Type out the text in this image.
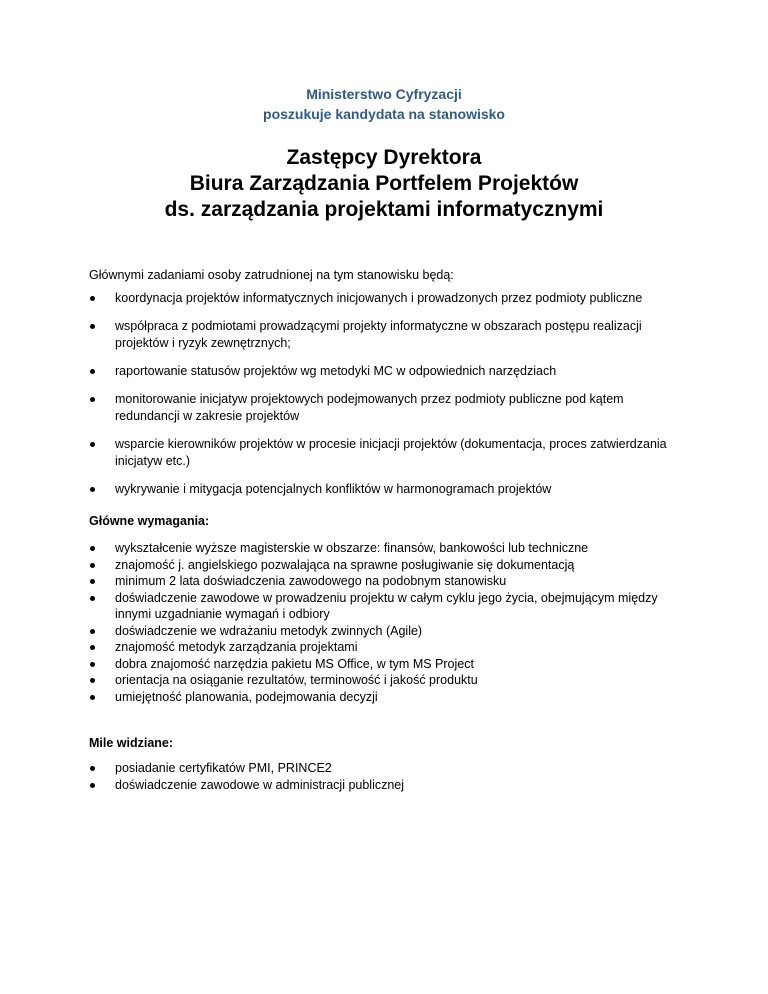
Ministerstwo Cyfryzacji
poszukuje kandydata na stanowisko
Zastępcy Dyrektora
Biura Zarządzania Portfelem Projektów
ds. zarządzania projektami informatycznymi
Głównymi zadaniami osoby zatrudnionej na tym stanowisku będą:
koordynacja projektów informatycznych inicjowanych i prowadzonych przez podmioty publiczne
współpraca z podmiotami prowadzącymi projekty informatyczne w obszarach postępu realizacji projektów i ryzyk zewnętrznych;
raportowanie statusów projektów wg metodyki MC w odpowiednich narzędziach
monitorowanie inicjatyw projektowych podejmowanych przez podmioty publiczne pod kątem redundancji w zakresie projektów
wsparcie kierowników projektów w procesie inicjacji projektów (dokumentacja, proces zatwierdzania inicjatyw etc.)
wykrywanie i mitygacja potencjalnych konfliktów w harmonogramach projektów
Główne wymagania:
wykształcenie wyższe magisterskie w obszarze: finansów, bankowości lub techniczne
znajomość j. angielskiego pozwalająca na sprawne posługiwanie się dokumentacją
minimum 2 lata doświadczenia zawodowego na podobnym stanowisku
doświadczenie zawodowe w prowadzeniu projektu w całym cyklu jego życia, obejmującym między innymi uzgadnianie wymagań i odbiory
doświadczenie we wdrażaniu metodyk zwinnych (Agile)
znajomość metodyk zarządzania projektami
dobra znajomość narzędzia pakietu MS Office, w tym MS Project
orientacja na osiąganie rezultatów, terminowość i jakość produktu
umiejętność planowania, podejmowania decyzji
Mile widziane:
posiadanie certyfikatów PMI, PRINCE2
doświadczenie zawodowe w administracji publicznej
